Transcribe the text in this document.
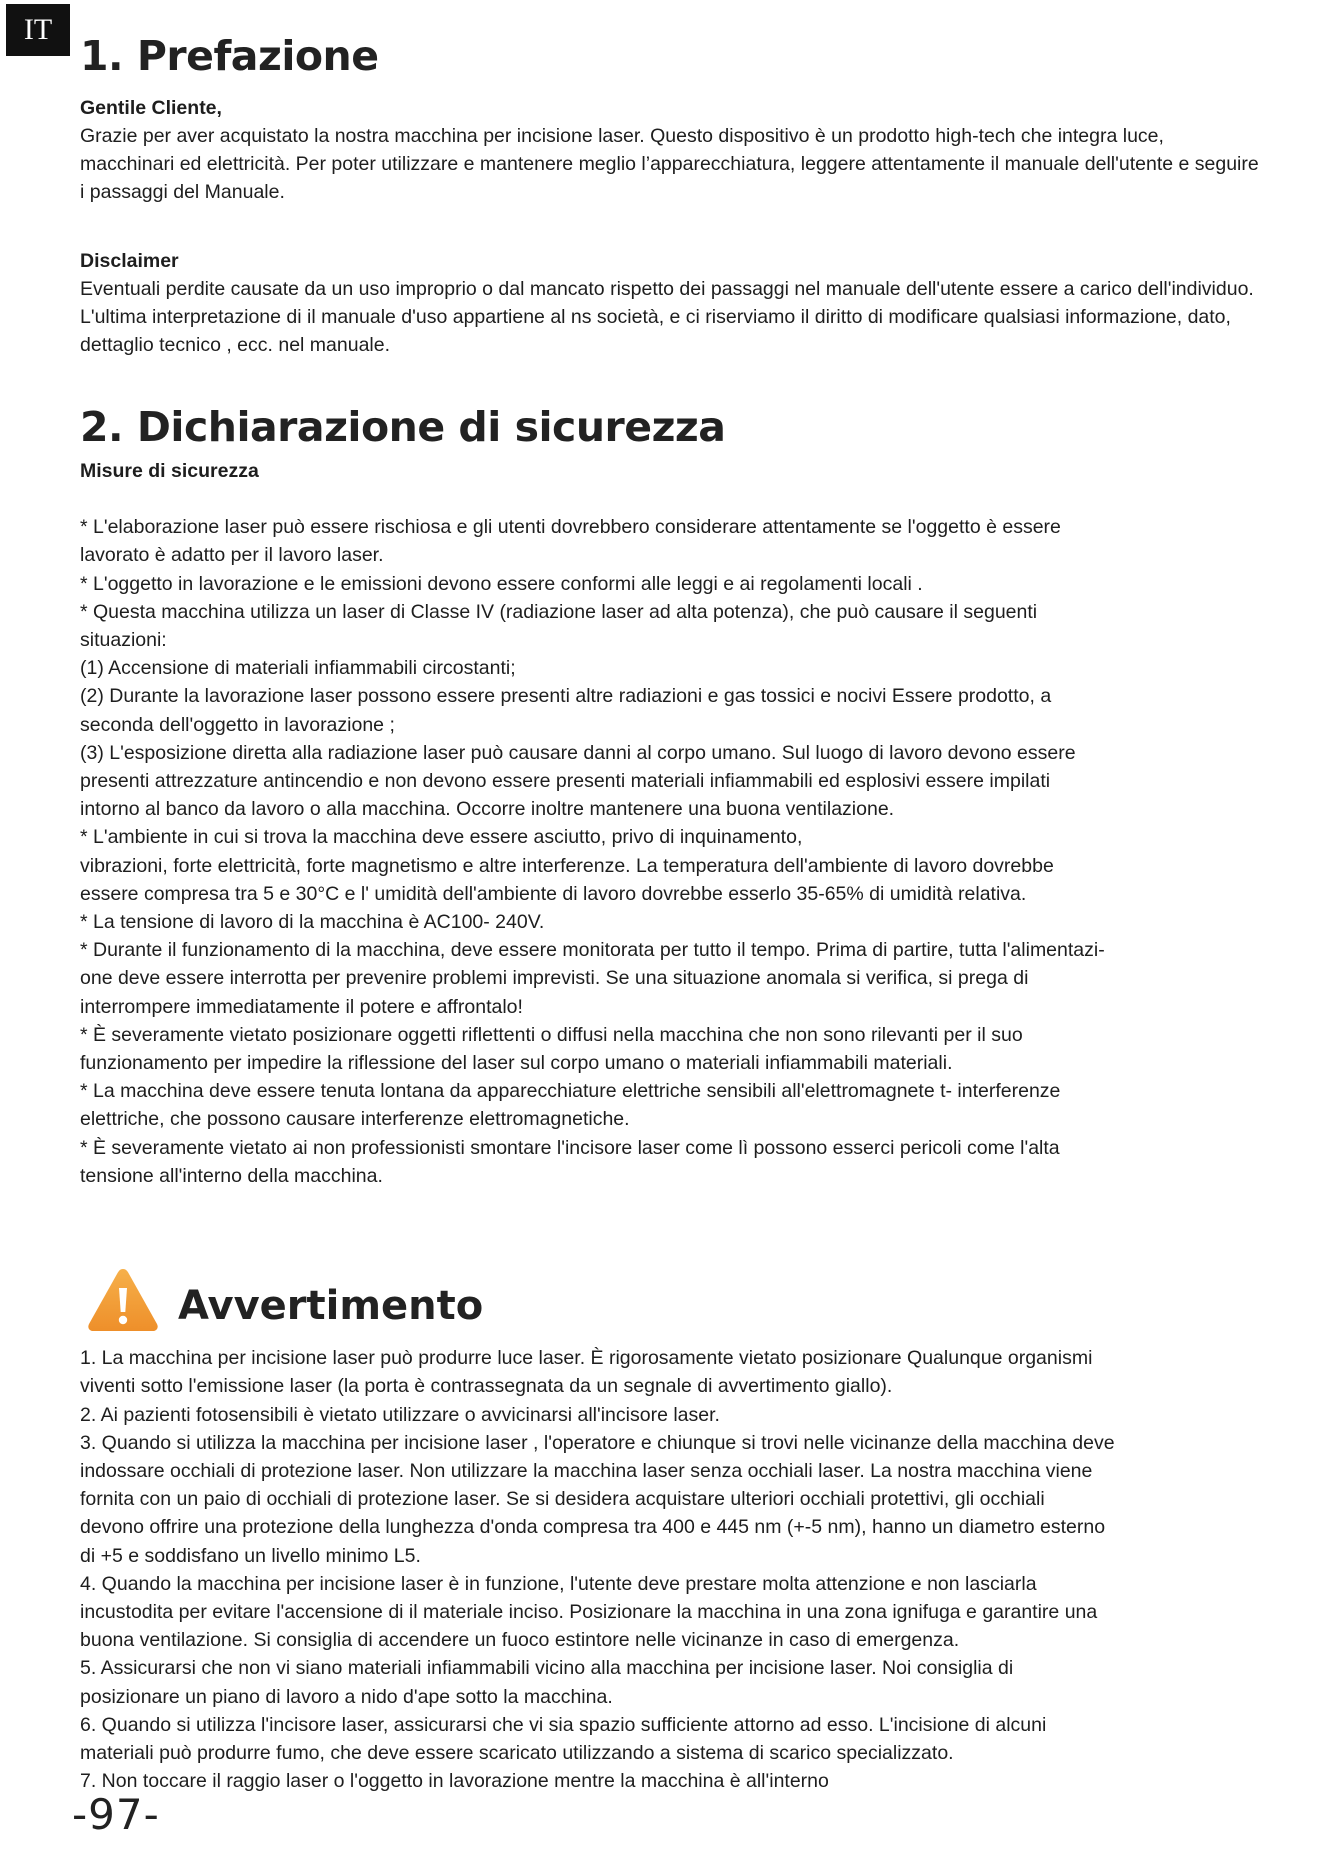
IT
1. Prefazione
Gentile Cliente,

Grazie per aver acquistato la nostra macchina per incisione laser. Questo dispositivo è un prodotto high-tech che integra luce, macchinari ed elettricità. Per poter utilizzare e mantenere meglio l’apparecchiatura, leggere attentamente il manuale dell'utente e seguire i passaggi del Manuale.

Disclaimer

Eventuali perdite causate da un uso improprio o dal mancato rispetto dei passaggi nel manuale dell'utente essere a carico dell'individuo. L'ultima interpretazione di il manuale d'uso appartiene al ns società, e ci riserviamo il diritto di modificare qualsiasi informazione, dato, dettaglio tecnico , ecc. nel manuale.

2. Dichiarazione di sicurezza
Misure di sicurezza
* L'elaborazione laser può essere rischiosa e gli utenti dovrebbero considerare attentamente se l'oggetto è essere
lavorato è adatto per il lavoro laser.
* L'oggetto in lavorazione e le emissioni devono essere conformi alle leggi e ai regolamenti locali .
* Questa macchina utilizza un laser di Classe IV (radiazione laser ad alta potenza), che può causare il seguenti
situazioni:
(1) Accensione di materiali infiammabili circostanti;
(2) Durante la lavorazione laser possono essere presenti altre radiazioni e gas tossici e nocivi Essere prodotto, a
seconda dell'oggetto in lavorazione ;
(3) L'esposizione diretta alla radiazione laser può causare danni al corpo umano. Sul luogo di lavoro devono essere
presenti attrezzature antincendio e non devono essere presenti materiali infiammabili ed esplosivi essere impilati
intorno al banco da lavoro o alla macchina. Occorre inoltre mantenere una buona ventilazione.
* L'ambiente in cui si trova la macchina deve essere asciutto, privo di inquinamento,
vibrazioni, forte elettricità, forte magnetismo e altre interferenze. La temperatura dell'ambiente di lavoro dovrebbe
essere compresa tra 5 e 30°C e l' umidità dell'ambiente di lavoro dovrebbe esserlo 35-65% di umidità relativa.
* La tensione di lavoro di la macchina è AC100- 240V.
* Durante il funzionamento di la macchina, deve essere monitorata per tutto il tempo. Prima di partire, tutta l'alimentazi-
one deve essere interrotta per prevenire problemi imprevisti. Se una situazione anomala si verifica, si prega di
interrompere immediatamente il potere e affrontalo!
* È severamente vietato posizionare oggetti riflettenti o diffusi nella macchina che non sono rilevanti per il suo
funzionamento per impedire la riflessione del laser sul corpo umano o materiali infiammabili materiali.
* La macchina deve essere tenuta lontana da apparecchiature elettriche sensibili all'elettromagnete t- interferenze
elettriche, che possono causare interferenze elettromagnetiche.
* È severamente vietato ai non professionisti smontare l'incisore laser come lì possono esserci pericoli come l'alta
tensione all'interno della macchina.
Avvertimento
1. La macchina per incisione laser può produrre luce laser. È rigorosamente vietato posizionare Qualunque organismi
viventi sotto l'emissione laser (la porta è contrassegnata da un segnale di avvertimento giallo).
2. Ai pazienti fotosensibili è vietato utilizzare o avvicinarsi all'incisore laser.
3. Quando si utilizza la macchina per incisione laser , l'operatore e chiunque si trovi nelle vicinanze della macchina deve
indossare occhiali di protezione laser. Non utilizzare la macchina laser senza occhiali laser. La nostra macchina viene
fornita con un paio di occhiali di protezione laser. Se si desidera acquistare ulteriori occhiali protettivi, gli occhiali
devono offrire una protezione della lunghezza d'onda compresa tra 400 e 445 nm (+-5 nm), hanno un diametro esterno
di +5 e soddisfano un livello minimo L5.
4. Quando la macchina per incisione laser è in funzione, l'utente deve prestare molta attenzione e non lasciarla
incustodita per evitare l'accensione di il materiale inciso. Posizionare la macchina in una zona ignifuga e garantire una
buona ventilazione. Si consiglia di accendere un fuoco estintore nelle vicinanze in caso di emergenza.
5. Assicurarsi che non vi siano materiali infiammabili vicino alla macchina per incisione laser. Noi consiglia di
posizionare un piano di lavoro a nido d'ape sotto la macchina.
6. Quando si utilizza l'incisore laser, assicurarsi che vi sia spazio sufficiente attorno ad esso. L'incisione di alcuni
materiali può produrre fumo, che deve essere scaricato utilizzando a sistema di scarico specializzato.
7. Non toccare il raggio laser o l'oggetto in lavorazione mentre la macchina è all'interno
-97-
